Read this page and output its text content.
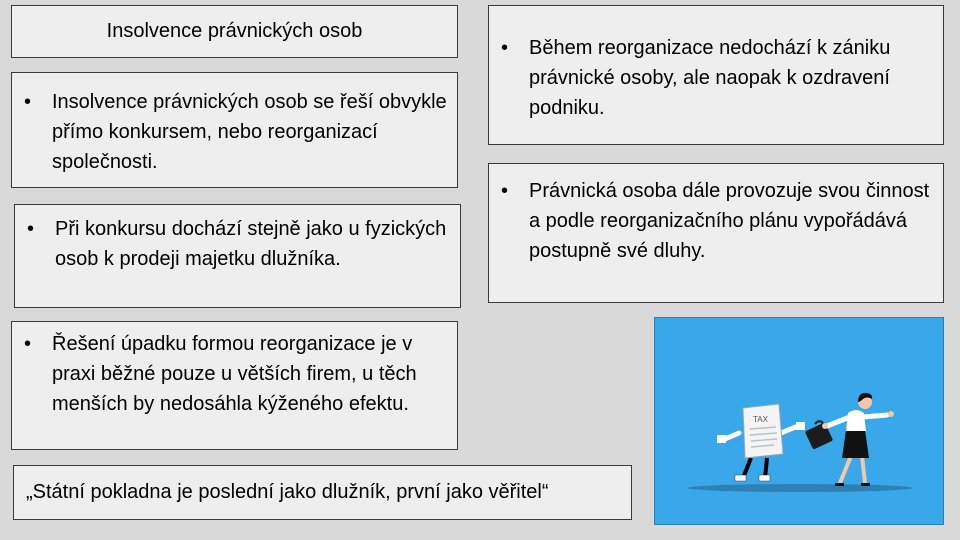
Insolvence právnických osob
•	Insolvence právnických osob se řeší obvykle přímo konkursem, nebo reorganizací společnosti.
•	Při konkursu dochází stejně jako u fyzických osob k prodeji majetku dlužníka.
•	Řešení úpadku formou reorganizace je v praxi běžné pouze u větších firem, u těch menších by nedosáhla kýženého efektu.
•	Během reorganizace nedochází k zániku právnické osoby, ale naopak k ozdravení podniku.
•	Právnická osoba dále provozuje svou činnost a podle reorganizačního plánu vypořádává postupně své dluhy.
„Státní pokladna je poslední jako dlužník, první jako věřitel“
TAX
